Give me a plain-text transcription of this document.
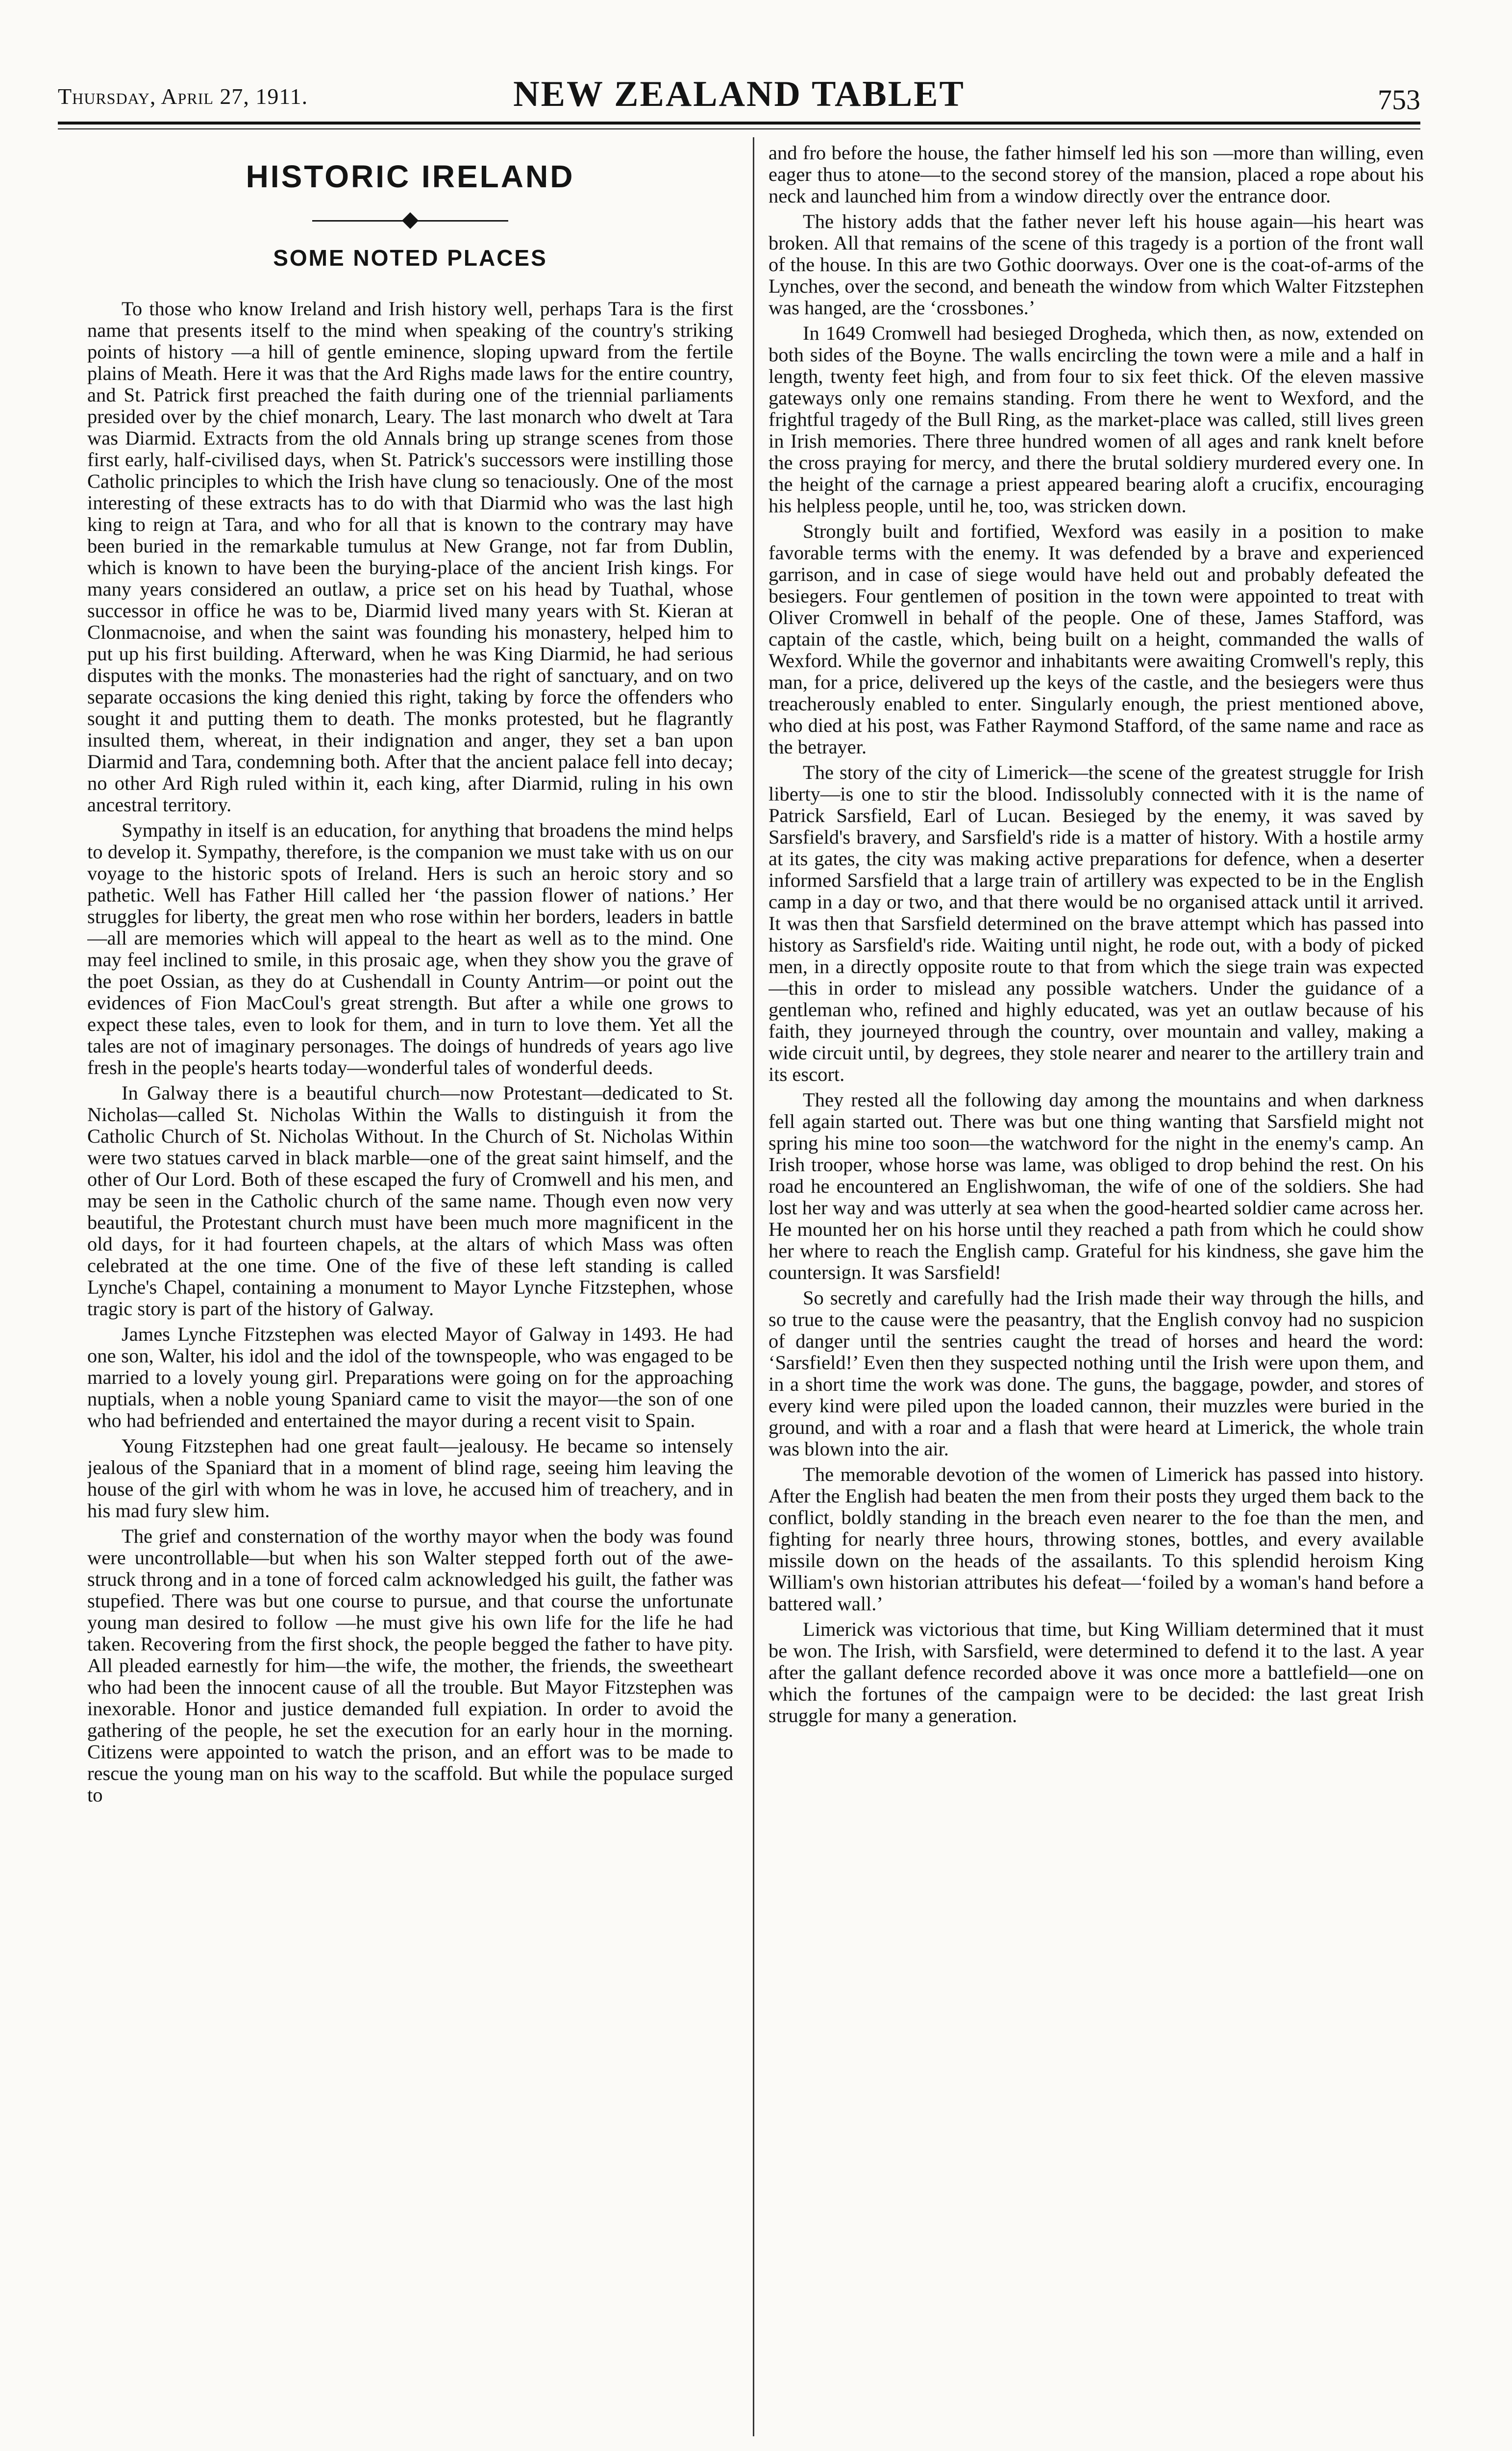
Thursday, April 27, 1911.	NEW ZEALAND TABLET	753
HISTORIC IRELAND
SOME NOTED PLACES

To those who know Ireland and Irish history well, perhaps Tara is the first name that presents itself to the mind when speaking of the country's striking points of history —a hill of gentle eminence, sloping upward from the fertile plains of Meath. Here it was that the Ard Righs made laws for the entire country, and St. Patrick first preached the faith during one of the triennial parliaments presided over by the chief monarch, Leary. The last monarch who dwelt at Tara was Diarmid. Extracts from the old Annals bring up strange scenes from those first early, half-civilised days, when St. Patrick's successors were instilling those Catholic principles to which the Irish have clung so tenaciously. One of the most interesting of these extracts has to do with that Diarmid who was the last high king to reign at Tara, and who for all that is known to the contrary may have been buried in the remarkable tumulus at New Grange, not far from Dublin, which is known to have been the burying-place of the ancient Irish kings. For many years considered an outlaw, a price set on his head by Tuathal, whose successor in office he was to be, Diarmid lived many years with St. Kieran at Clonmacnoise, and when the saint was founding his monastery, helped him to put up his first building. Afterward, when he was King Diarmid, he had serious disputes with the monks. The monasteries had the right of sanctuary, and on two separate occasions the king denied this right, taking by force the offenders who sought it and putting them to death. The monks protested, but he flagrantly insulted them, whereat, in their indignation and anger, they set a ban upon Diarmid and Tara, condemning both. After that the ancient palace fell into decay; no other Ard Righ ruled within it, each king, after Diarmid, ruling in his own ancestral territory.

Sympathy in itself is an education, for anything that broadens the mind helps to develop it. Sympathy, therefore, is the companion we must take with us on our voyage to the historic spots of Ireland. Hers is such an heroic story and so pathetic. Well has Father Hill called her ‘the passion flower of nations.’ Her struggles for liberty, the great men who rose within her borders, leaders in battle—all are memories which will appeal to the heart as well as to the mind. One may feel inclined to smile, in this prosaic age, when they show you the grave of the poet Ossian, as they do at Cushendall in County Antrim—or point out the evidences of Fion MacCoul's great strength. But after a while one grows to expect these tales, even to look for them, and in turn to love them. Yet all the tales are not of imaginary personages. The doings of hundreds of years ago live fresh in the people's hearts today—wonderful tales of wonderful deeds.

In Galway there is a beautiful church—now Protestant—dedicated to St. Nicholas—called St. Nicholas Within the Walls to distinguish it from the Catholic Church of St. Nicholas Without. In the Church of St. Nicholas Within were two statues carved in black marble—one of the great saint himself, and the other of Our Lord. Both of these escaped the fury of Cromwell and his men, and may be seen in the Catholic church of the same name. Though even now very beautiful, the Protestant church must have been much more magnificent in the old days, for it had fourteen chapels, at the altars of which Mass was often celebrated at the one time. One of the five of these left standing is called Lynche's Chapel, containing a monument to Mayor Lynche Fitzstephen, whose tragic story is part of the history of Galway.

James Lynche Fitzstephen was elected Mayor of Galway in 1493. He had one son, Walter, his idol and the idol of the townspeople, who was engaged to be married to a lovely young girl. Preparations were going on for the approaching nuptials, when a noble young Spaniard came to visit the mayor—the son of one who had befriended and entertained the mayor during a recent visit to Spain.

Young Fitzstephen had one great fault—jealousy. He became so intensely jealous of the Spaniard that in a moment of blind rage, seeing him leaving the house of the girl with whom he was in love, he accused him of treachery, and in his mad fury slew him.

The grief and consternation of the worthy mayor when the body was found were uncontrollable—but when his son Walter stepped forth out of the awe-struck throng and in a tone of forced calm acknowledged his guilt, the father was stupefied. There was but one course to pursue, and that course the unfortunate young man desired to follow —he must give his own life for the life he had taken. Recovering from the first shock, the people begged the father to have pity. All pleaded earnestly for him—the wife, the mother, the friends, the sweetheart who had been the innocent cause of all the trouble. But Mayor Fitzstephen was inexorable. Honor and justice demanded full expiation. In order to avoid the gathering of the people, he set the execution for an early hour in the morning. Citizens were appointed to watch the prison, and an effort was to be made to rescue the young man on his way to the scaffold. But while the populace surged to

and fro before the house, the father himself led his son —more than willing, even eager thus to atone—to the second storey of the mansion, placed a rope about his neck and launched him from a window directly over the entrance door.

The history adds that the father never left his house again—his heart was broken. All that remains of the scene of this tragedy is a portion of the front wall of the house. In this are two Gothic doorways. Over one is the coat-of-arms of the Lynches, over the second, and beneath the window from which Walter Fitzstephen was hanged, are the ‘crossbones.’

In 1649 Cromwell had besieged Drogheda, which then, as now, extended on both sides of the Boyne. The walls encircling the town were a mile and a half in length, twenty feet high, and from four to six feet thick. Of the eleven massive gateways only one remains standing. From there he went to Wexford, and the frightful tragedy of the Bull Ring, as the market-place was called, still lives green in Irish memories. There three hundred women of all ages and rank knelt before the cross praying for mercy, and there the brutal soldiery murdered every one. In the height of the carnage a priest appeared bearing aloft a crucifix, encouraging his helpless people, until he, too, was stricken down.

Strongly built and fortified, Wexford was easily in a position to make favorable terms with the enemy. It was defended by a brave and experienced garrison, and in case of siege would have held out and probably defeated the besiegers. Four gentlemen of position in the town were appointed to treat with Oliver Cromwell in behalf of the people. One of these, James Stafford, was captain of the castle, which, being built on a height, commanded the walls of Wexford. While the governor and inhabitants were awaiting Cromwell's reply, this man, for a price, delivered up the keys of the castle, and the besiegers were thus treacherously enabled to enter. Singularly enough, the priest mentioned above, who died at his post, was Father Raymond Stafford, of the same name and race as the betrayer.

The story of the city of Limerick—the scene of the greatest struggle for Irish liberty—is one to stir the blood. Indissolubly connected with it is the name of Patrick Sarsfield, Earl of Lucan. Besieged by the enemy, it was saved by Sarsfield's bravery, and Sarsfield's ride is a matter of history. With a hostile army at its gates, the city was making active preparations for defence, when a deserter informed Sarsfield that a large train of artillery was expected to be in the English camp in a day or two, and that there would be no organised attack until it arrived. It was then that Sarsfield determined on the brave attempt which has passed into history as Sarsfield's ride. Waiting until night, he rode out, with a body of picked men, in a directly opposite route to that from which the siege train was expected—this in order to mislead any possible watchers. Under the guidance of a gentleman who, refined and highly educated, was yet an outlaw because of his faith, they journeyed through the country, over mountain and valley, making a wide circuit until, by degrees, they stole nearer and nearer to the artillery train and its escort.

They rested all the following day among the mountains and when darkness fell again started out. There was but one thing wanting that Sarsfield might not spring his mine too soon—the watchword for the night in the enemy's camp. An Irish trooper, whose horse was lame, was obliged to drop behind the rest. On his road he encountered an Englishwoman, the wife of one of the soldiers. She had lost her way and was utterly at sea when the good-hearted soldier came across her. He mounted her on his horse until they reached a path from which he could show her where to reach the English camp. Grateful for his kindness, she gave him the countersign. It was Sarsfield!

So secretly and carefully had the Irish made their way through the hills, and so true to the cause were the peasantry, that the English convoy had no suspicion of danger until the sentries caught the tread of horses and heard the word: ‘Sarsfield!’ Even then they suspected nothing until the Irish were upon them, and in a short time the work was done. The guns, the baggage, powder, and stores of every kind were piled upon the loaded cannon, their muzzles were buried in the ground, and with a roar and a flash that were heard at Limerick, the whole train was blown into the air.

The memorable devotion of the women of Limerick has passed into history. After the English had beaten the men from their posts they urged them back to the conflict, boldly standing in the breach even nearer to the foe than the men, and fighting for nearly three hours, throwing stones, bottles, and every available missile down on the heads of the assailants. To this splendid heroism King William's own historian attributes his defeat—‘foiled by a woman's hand before a battered wall.’

Limerick was victorious that time, but King William determined that it must be won. The Irish, with Sarsfield, were determined to defend it to the last. A year after the gallant defence recorded above it was once more a battlefield—one on which the fortunes of the campaign were to be decided: the last great Irish struggle for many a generation.
